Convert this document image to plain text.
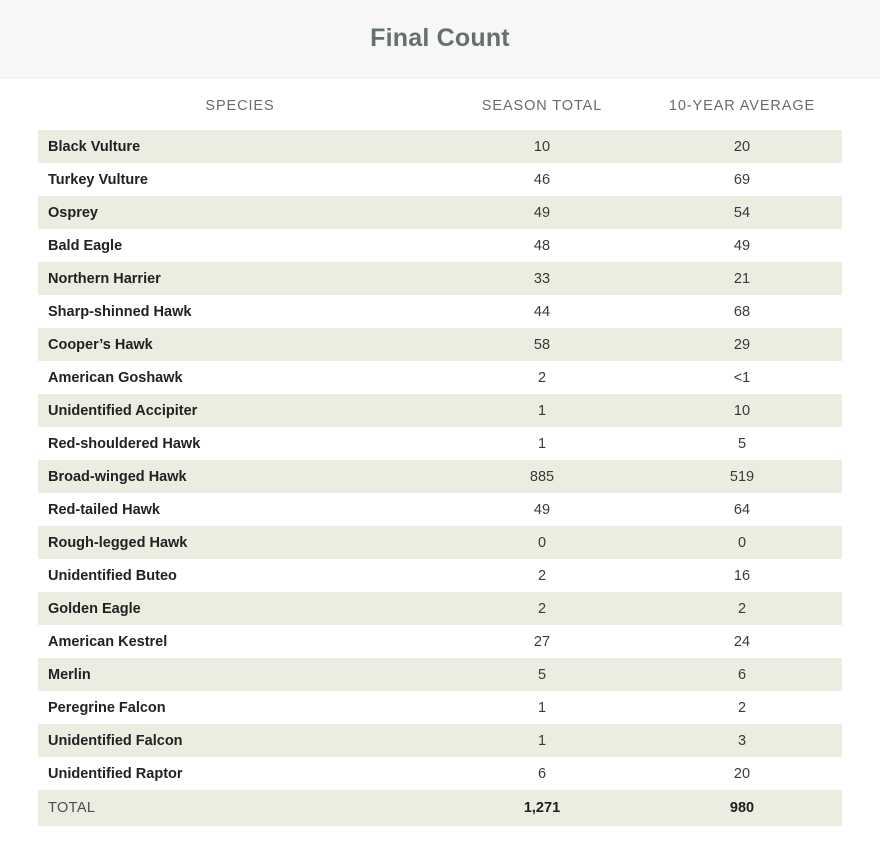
Final Count
SPECIES	SEASON TOTAL	10-YEAR AVERAGE
Black Vulture	10	20
Turkey Vulture	46	69
Osprey	49	54
Bald Eagle	48	49
Northern Harrier	33	21
Sharp-shinned Hawk	44	68
Cooper’s Hawk	58	29
American Goshawk	2	<1
Unidentified Accipiter	1	10
Red-shouldered Hawk	1	5
Broad-winged Hawk	885	519
Red-tailed Hawk	49	64
Rough-legged Hawk	0	0
Unidentified Buteo	2	16
Golden Eagle	2	2
American Kestrel	27	24
Merlin	5	6
Peregrine Falcon	1	2
Unidentified Falcon	1	3
Unidentified Raptor	6	20
TOTAL	1,271	980
